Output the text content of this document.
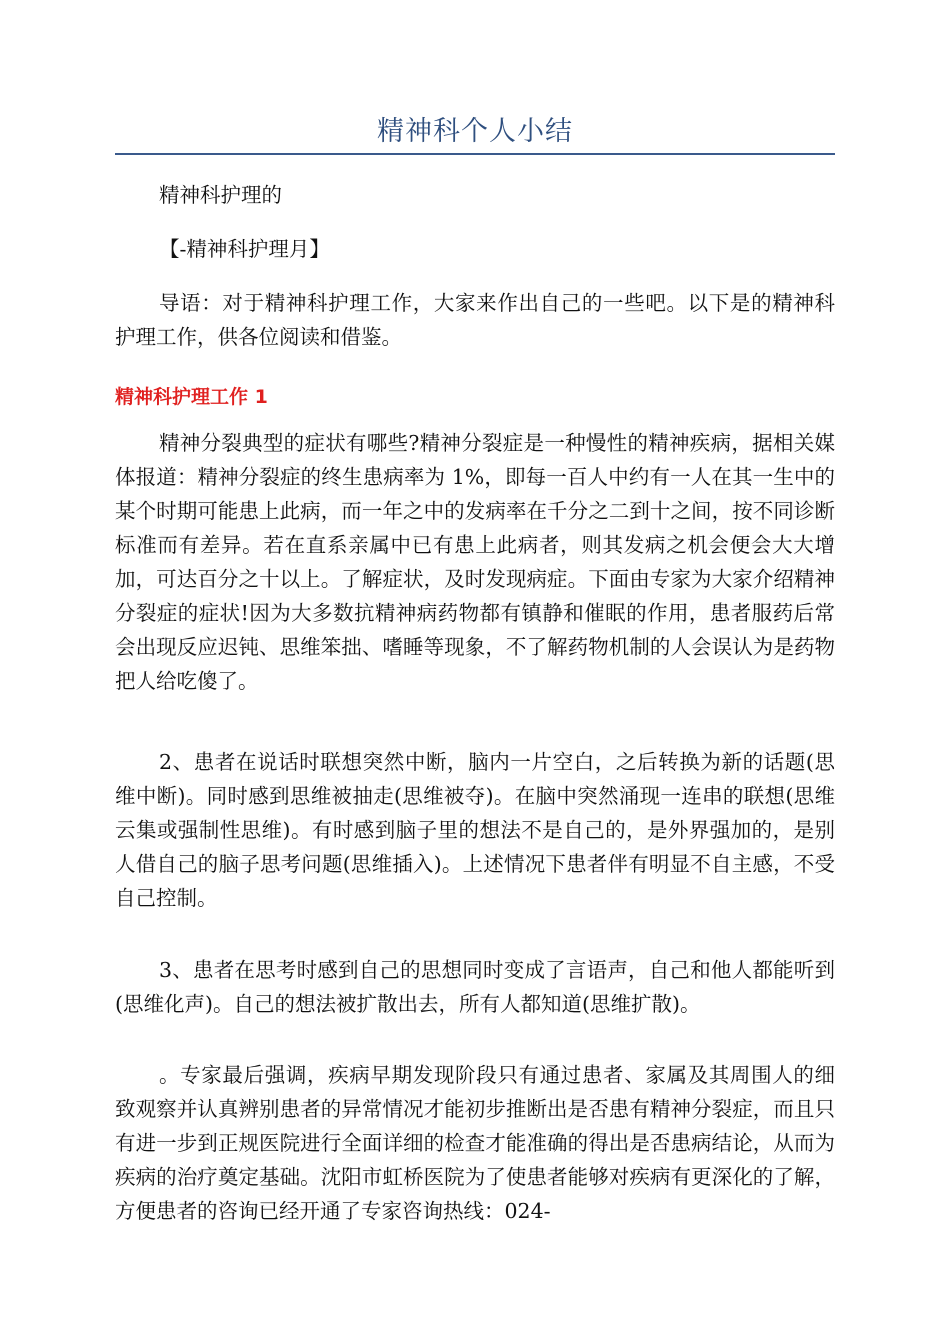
精神科个人小结

精神科护理的

【-精神科护理月】

导语：对于精神科护理工作，大家来作出自己的一些吧。以下是的精神科护理工作，供各位阅读和借鉴。

精神科护理工作 1

精神分裂典型的症状有哪些?精神分裂症是一种慢性的精神疾病，据相关媒体报道：精神分裂症的终生患病率为 1%，即每一百人中约有一人在其一生中的某个时期可能患上此病，而一年之中的发病率在千分之二到十之间，按不同诊断标准而有差异。若在直系亲属中已有患上此病者，则其发病之机会便会大大增加，可达百分之十以上。了解症状，及时发现病症。下面由专家为大家介绍精神分裂症的症状!因为大多数抗精神病药物都有镇静和催眠的作用，患者服药后常会出现反应迟钝、思维笨拙、嗜睡等现象，不了解药物机制的人会误认为是药物把人给吃傻了。

2、患者在说话时联想突然中断，脑内一片空白，之后转换为新的话题(思维中断)。同时感到思维被抽走(思维被夺)。在脑中突然涌现一连串的联想(思维云集或强制性思维)。有时感到脑子里的想法不是自己的，是外界强加的，是别人借自己的脑子思考问题(思维插入)。上述情况下患者伴有明显不自主感，不受自己控制。

3、患者在思考时感到自己的思想同时变成了言语声，自己和他人都能听到(思维化声)。自己的想法被扩散出去，所有人都知道(思维扩散)。

。专家最后强调，疾病早期发现阶段只有通过患者、家属及其周围人的细致观察并认真辨别患者的异常情况才能初步推断出是否患有精神分裂症，而且只有进一步到正规医院进行全面详细的检查才能准确的得出是否患病结论，从而为疾病的治疗奠定基础。沈阳市虹桥医院为了使患者能够对疾病有更深化的了解，方便患者的咨询已经开通了专家咨询热线：024-
